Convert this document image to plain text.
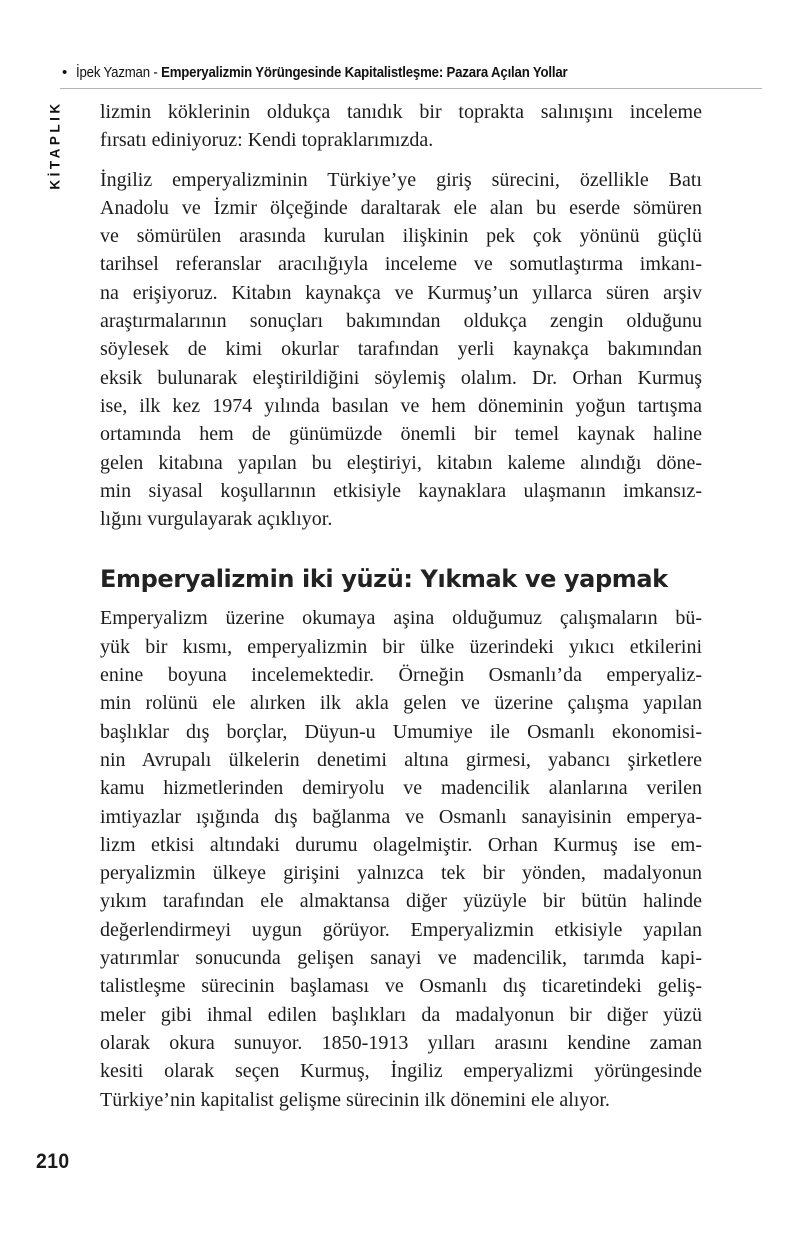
• İpek Yazman - Emperyalizmin Yörüngesinde Kapitalistleşme: Pazara Açılan Yollar
KİTAPLIK lizmin köklerinin oldukça tanıdık bir toprakta salınışını inceleme
fırsatı ediniyoruz: Kendi topraklarımızda.
İngiliz emperyalizminin Türkiye’ye giriş sürecini, özellikle Batı
Anadolu ve İzmir ölçeğinde daraltarak ele alan bu eserde sömüren
ve sömürülen arasında kurulan ilişkinin pek çok yönünü güçlü
tarihsel referanslar aracılığıyla inceleme ve somutlaştırma imkanı-
na erişiyoruz. Kitabın kaynakça ve Kurmuş’un yıllarca süren arşiv
araştırmalarının sonuçları bakımından oldukça zengin olduğunu
söylesek de kimi okurlar tarafından yerli kaynakça bakımından
eksik bulunarak eleştirildiğini söylemiş olalım. Dr. Orhan Kurmuş
ise, ilk kez 1974 yılında basılan ve hem döneminin yoğun tartışma
ortamında hem de günümüzde önemli bir temel kaynak haline
gelen kitabına yapılan bu eleştiriyi, kitabın kaleme alındığı döne-
min siyasal koşullarının etkisiyle kaynaklara ulaşmanın imkansız-
lığını vurgulayarak açıklıyor.
Emperyalizmin iki yüzü: Yıkmak ve yapmak
Emperyalizm üzerine okumaya aşina olduğumuz çalışmaların bü-
yük bir kısmı, emperyalizmin bir ülke üzerindeki yıkıcı etkilerini
enine boyuna incelemektedir. Örneğin Osmanlı’da emperyaliz-
min rolünü ele alırken ilk akla gelen ve üzerine çalışma yapılan
başlıklar dış borçlar, Düyun-u Umumiye ile Osmanlı ekonomisi-
nin Avrupalı ülkelerin denetimi altına girmesi, yabancı şirketlere
kamu hizmetlerinden demiryolu ve madencilik alanlarına verilen
imtiyazlar ışığında dış bağlanma ve Osmanlı sanayisinin emperya-
lizm etkisi altındaki durumu olagelmiştir. Orhan Kurmuş ise em-
peryalizmin ülkeye girişini yalnızca tek bir yönden, madalyonun
yıkım tarafından ele almaktansa diğer yüzüyle bir bütün halinde
değerlendirmeyi uygun görüyor. Emperyalizmin etkisiyle yapılan
yatırımlar sonucunda gelişen sanayi ve madencilik, tarımda kapi-
talistleşme sürecinin başlaması ve Osmanlı dış ticaretindeki geliş-
meler gibi ihmal edilen başlıkları da madalyonun bir diğer yüzü
olarak okura sunuyor. 1850-1913 yılları arasını kendine zaman
kesiti olarak seçen Kurmuş, İngiliz emperyalizmi yörüngesinde
Türkiye’nin kapitalist gelişme sürecinin ilk dönemini ele alıyor.
210
